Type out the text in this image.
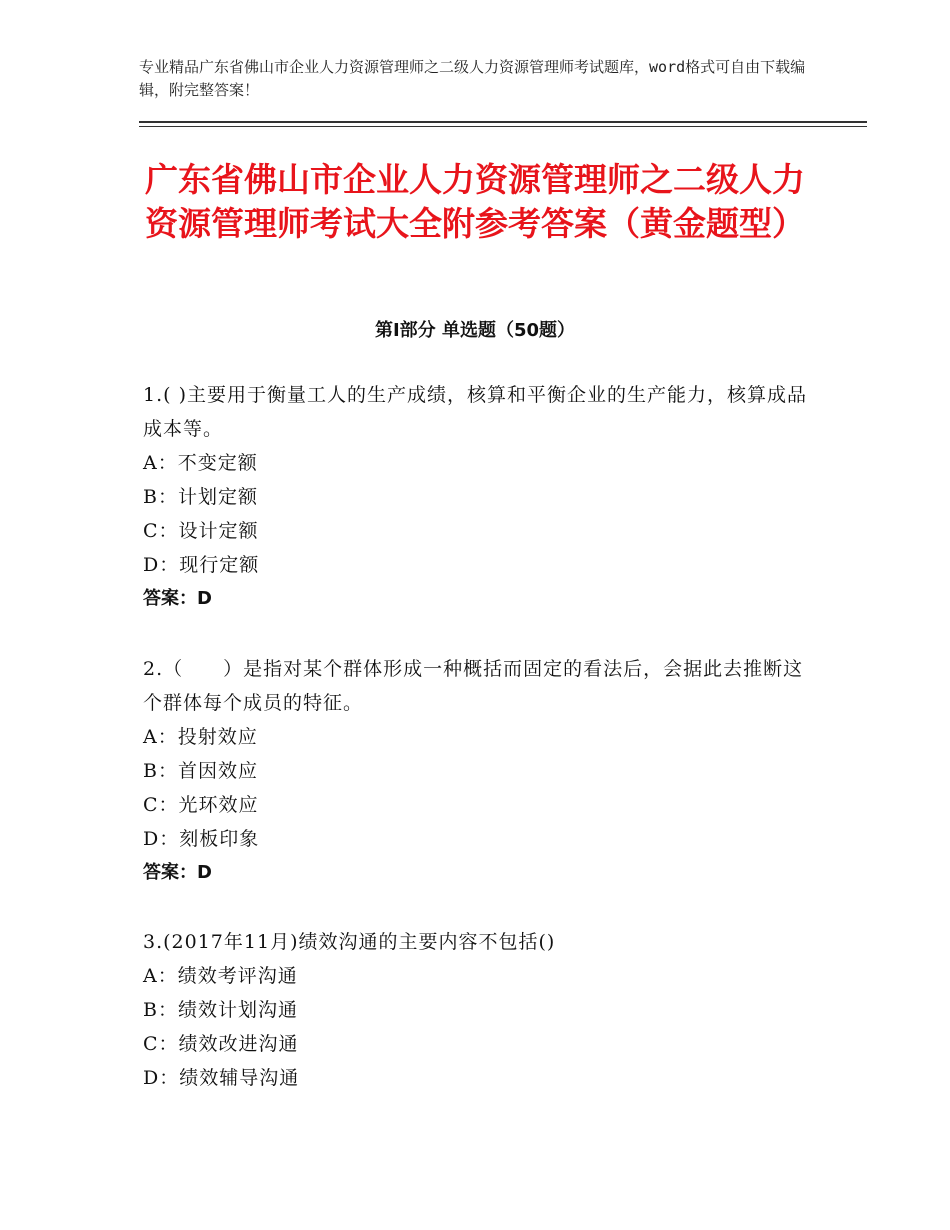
专业精品广东省佛山市企业人力资源管理师之二级人力资源管理师考试题库，word格式可自由下载编辑，附完整答案！
广东省佛山市企业人力资源管理师之二级人力资源管理师考试大全附参考答案（黄金题型）
第Ⅰ部分 单选题（50题）

1.( )主要用于衡量工人的生产成绩，核算和平衡企业的生产能力，核算成品成本等。

A：不变定额

B：计划定额

C：设计定额

D：现行定额

答案：D

2.（　　）是指对某个群体形成一种概括而固定的看法后，会据此去推断这个群体每个成员的特征。

A：投射效应

B：首因效应

C：光环效应

D：刻板印象

答案：D

3.(2017年11月)绩效沟通的主要内容不包括()

A：绩效考评沟通

B：绩效计划沟通

C：绩效改进沟通

D：绩效辅导沟通
